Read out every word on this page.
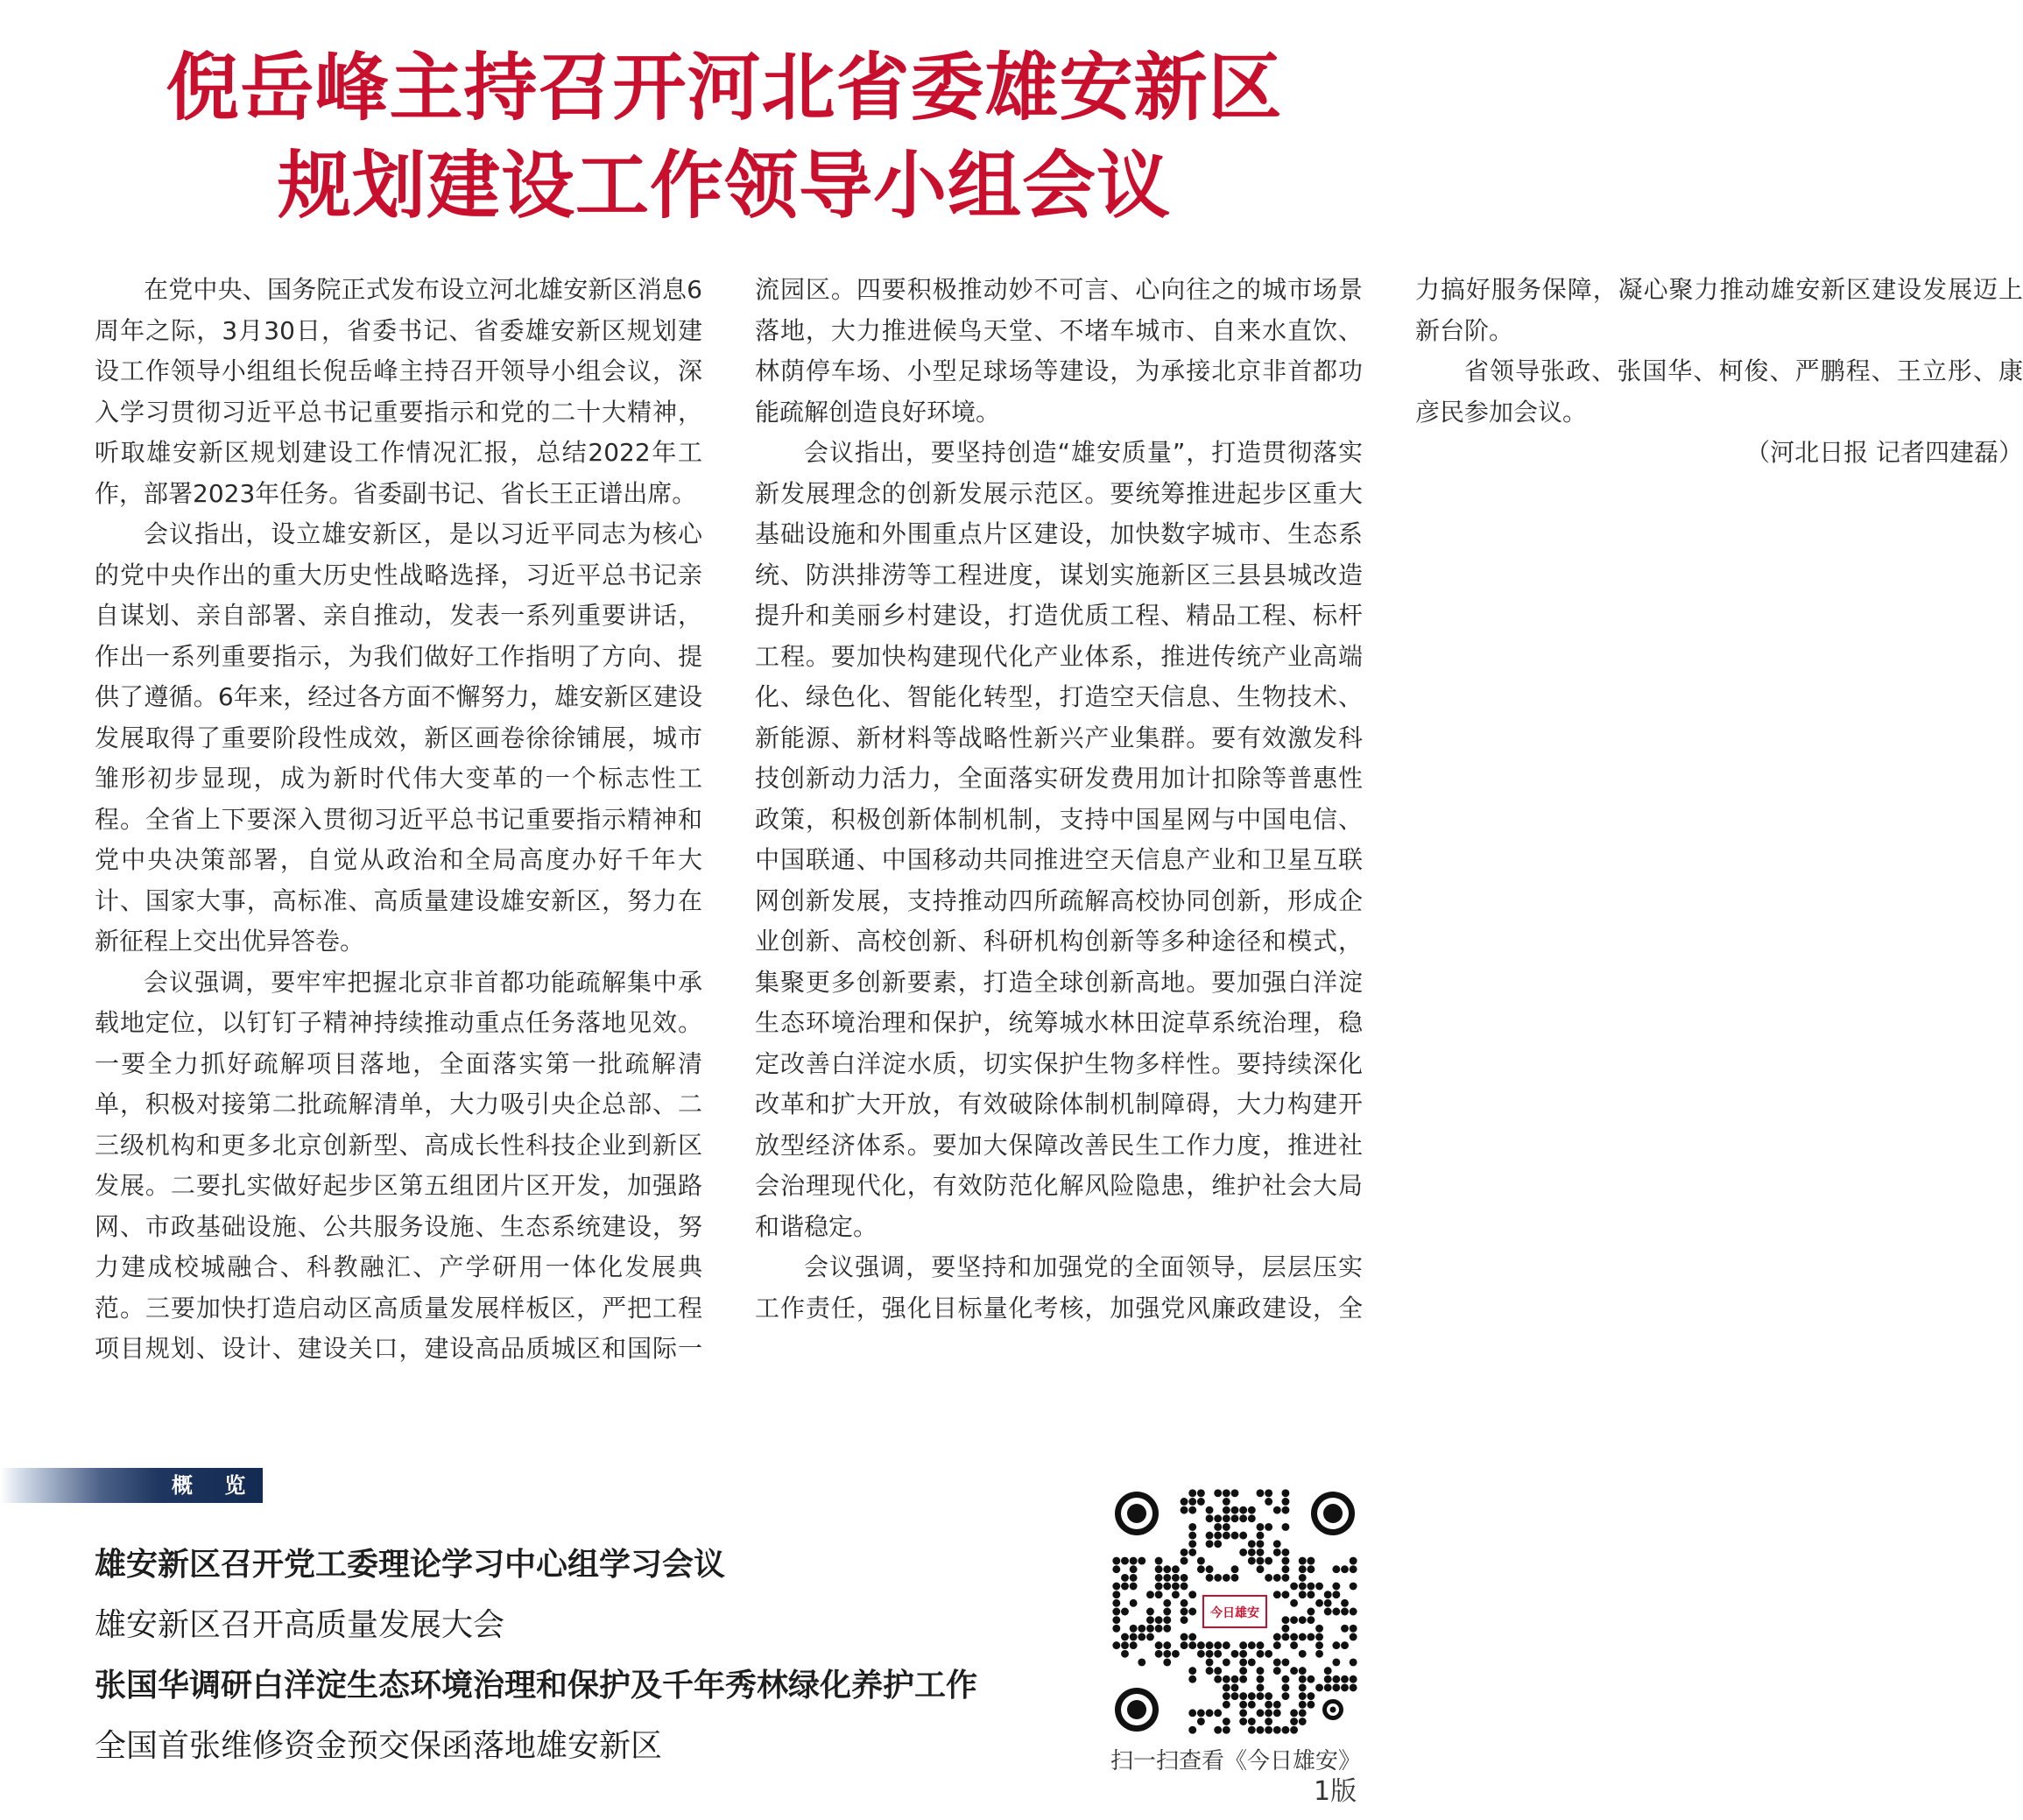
倪岳峰主持召开河北省委雄安新区
规划建设工作领导小组会议

在党中央、国务院正式发布设立河北雄安新区消息6周年之际，3月30日，省委书记、省委雄安新区规划建设工作领导小组组长倪岳峰主持召开领导小组会议，深入学习贯彻习近平总书记重要指示和党的二十大精神，听取雄安新区规划建设工作情况汇报，总结2022年工作，部署2023年任务。省委副书记、省长王正谱出席。

会议指出，设立雄安新区，是以习近平同志为核心的党中央作出的重大历史性战略选择，习近平总书记亲自谋划、亲自部署、亲自推动，发表一系列重要讲话，作出一系列重要指示，为我们做好工作指明了方向、提供了遵循。6年来，经过各方面不懈努力，雄安新区建设发展取得了重要阶段性成效，新区画卷徐徐铺展，城市雏形初步显现，成为新时代伟大变革的一个标志性工程。全省上下要深入贯彻习近平总书记重要指示精神和党中央决策部署，自觉从政治和全局高度办好千年大计、国家大事，高标准、高质量建设雄安新区，努力在新征程上交出优异答卷。

会议强调，要牢牢把握北京非首都功能疏解集中承载地定位，以钉钉子精神持续推动重点任务落地见效。一要全力抓好疏解项目落地，全面落实第一批疏解清单，积极对接第二批疏解清单，大力吸引央企总部、二三级机构和更多北京创新型、高成长性科技企业到新区发展。二要扎实做好起步区第五组团片区开发，加强路网、市政基础设施、公共服务设施、生态系统建设，努力建成校城融合、科教融汇、产学研用一体化发展典范。三要加快打造启动区高质量发展样板区，严把工程项目规划、设计、建设关口，建设高品质城区和国际一流园区。四要积极推动妙不可言、心向往之的城市场景落地，大力推进候鸟天堂、不堵车城市、自来水直饮、林荫停车场、小型足球场等建设，为承接北京非首都功能疏解创造良好环境。

会议指出，要坚持创造“雄安质量”，打造贯彻落实新发展理念的创新发展示范区。要统筹推进起步区重大基础设施和外围重点片区建设，加快数字城市、生态系统、防洪排涝等工程进度，谋划实施新区三县县城改造提升和美丽乡村建设，打造优质工程、精品工程、标杆工程。要加快构建现代化产业体系，推进传统产业高端化、绿色化、智能化转型，打造空天信息、生物技术、新能源、新材料等战略性新兴产业集群。要有效激发科技创新动力活力，全面落实研发费用加计扣除等普惠性政策，积极创新体制机制，支持中国星网与中国电信、中国联通、中国移动共同推进空天信息产业和卫星互联网创新发展，支持推动四所疏解高校协同创新，形成企业创新、高校创新、科研机构创新等多种途径和模式，集聚更多创新要素，打造全球创新高地。要加强白洋淀生态环境治理和保护，统筹城水林田淀草系统治理，稳定改善白洋淀水质，切实保护生物多样性。要持续深化改革和扩大开放，有效破除体制机制障碍，大力构建开放型经济体系。要加大保障改善民生工作力度，推进社会治理现代化，有效防范化解风险隐患，维护社会大局和谐稳定。

会议强调，要坚持和加强党的全面领导，层层压实工作责任，强化目标量化考核，加强党风廉政建设，全力搞好服务保障，凝心聚力推动雄安新区建设发展迈上新台阶。

省领导张政、张国华、柯俊、严鹏程、王立彤、康彦民参加会议。

（河北日报 记者四建磊）

概 览
雄安新区召开党工委理论学习中心组学习会议
雄安新区召开高质量发展大会
张国华调研白洋淀生态环境治理和保护及千年秀林绿化养护工作
全国首张维修资金预交保函落地雄安新区
今日雄安
扫一扫查看《今日雄安》
1版
